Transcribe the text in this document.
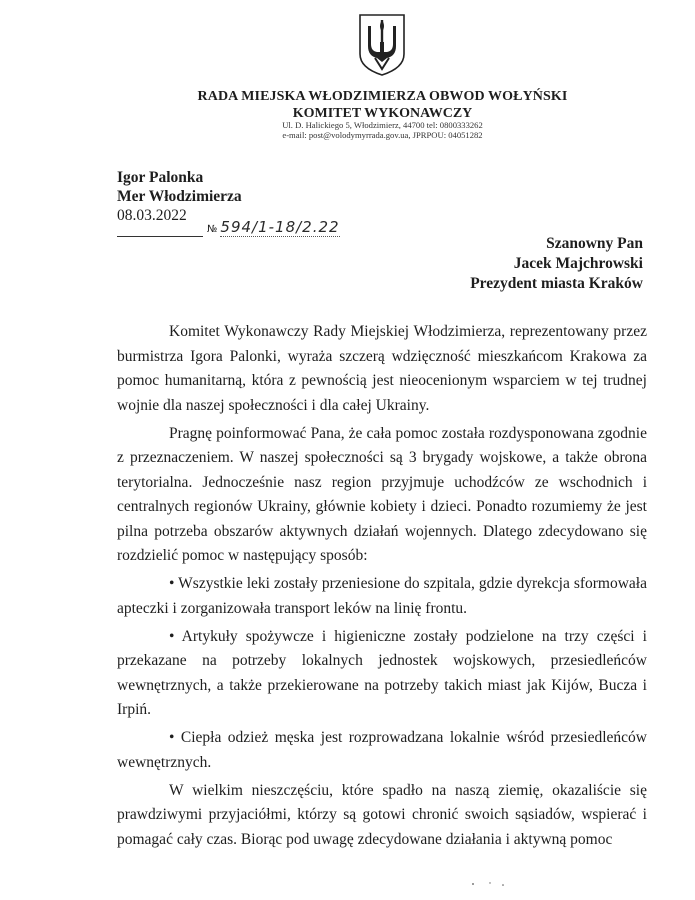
RADA MIEJSKA WŁODZIMIERZA OBWOD WOŁYŃSKI
KOMITET WYKONAWCZY
Ul. D. Halickiego 5, Włodzimierz, 44700 tel: 0800333262
e-mail: post@volodymyrrada.gov.ua, JPRPOU: 04051282
Igor Palonka
Mer Włodzimierza
08.03.2022
№ 594/1-18/2.22
Szanowny Pan
Jacek Majchrowski
Prezydent miasta Kraków

Komitet Wykonawczy Rady Miejskiej Włodzimierza, reprezentowany przez burmistrza Igora Palonki, wyraża szczerą wdzięczność mieszkańcom Krakowa za pomoc humanitarną, która z pewnością jest nieocenionym wsparciem w tej trudnej wojnie dla naszej społeczności i dla całej Ukrainy.

Pragnę poinformować Pana, że cała pomoc została rozdysponowana zgodnie z przeznaczeniem. W naszej społeczności są 3 brygady wojskowe, a także obrona terytorialna. Jednocześnie nasz region przyjmuje uchodźców ze wschodnich i centralnych regionów Ukrainy, głównie kobiety i dzieci. Ponadto rozumiemy że jest pilna potrzeba obszarów aktywnych działań wojennych. Dlatego zdecydowano się rozdzielić pomoc w następujący sposób:

• Wszystkie leki zostały przeniesione do szpitala, gdzie dyrekcja sformowała apteczki i zorganizowała transport leków na linię frontu.

• Artykuły spożywcze i higieniczne zostały podzielone na trzy części i przekazane na potrzeby lokalnych jednostek wojskowych, przesiedleńców wewnętrznych, a także przekierowane na potrzeby takich miast jak Kijów, Bucza i Irpiń.

• Ciepła odzież męska jest rozprowadzana lokalnie wśród przesiedleńców wewnętrznych.

W wielkim nieszczęściu, które spadło na naszą ziemię, okazaliście się prawdziwymi przyjaciółmi, którzy są gotowi chronić swoich sąsiadów, wspierać i pomagać cały czas. Biorąc pod uwagę zdecydowane działania i aktywną pomoc
